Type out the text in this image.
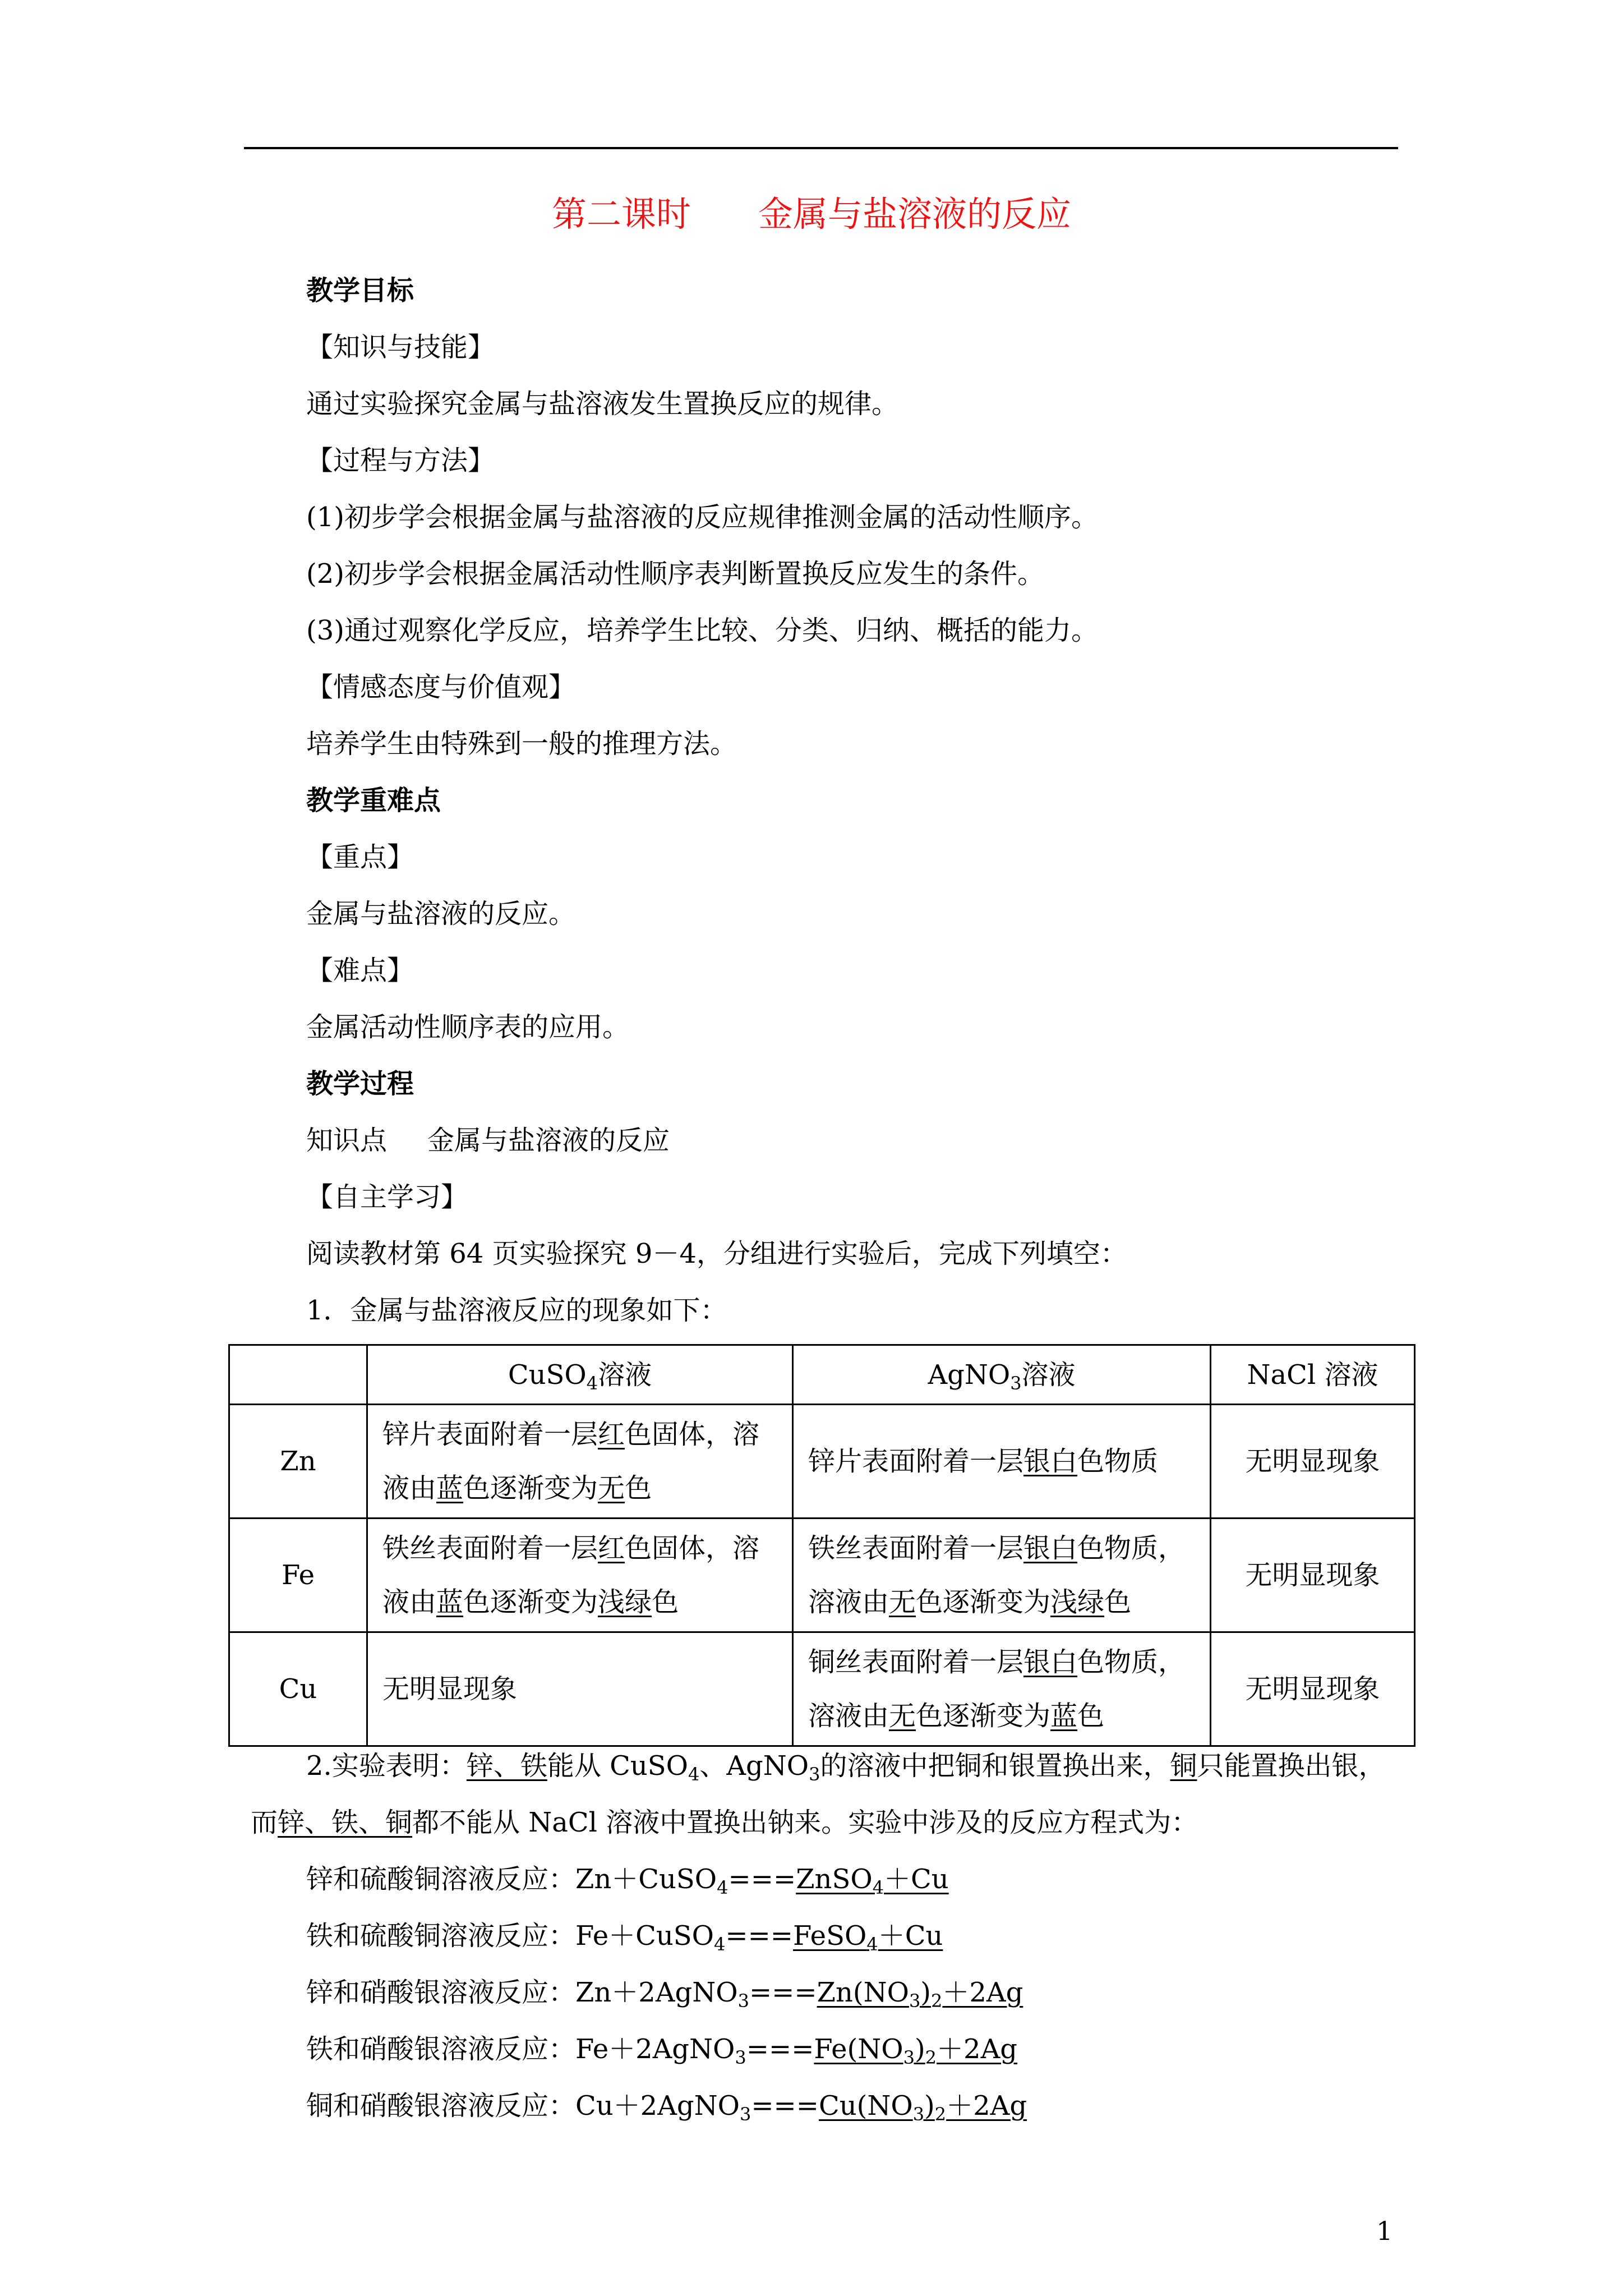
第二课时 金属与盐溶液的反应
教学目标
【知识与技能】
通过实验探究金属与盐溶液发生置换反应的规律。
【过程与方法】
(1)初步学会根据金属与盐溶液的反应规律推测金属的活动性顺序。
(2)初步学会根据金属活动性顺序表判断置换反应发生的条件。
(3)通过观察化学反应，培养学生比较、分类、归纳、概括的能力。
【情感态度与价值观】
培养学生由特殊到一般的推理方法。
教学重难点
【重点】
金属与盐溶液的反应。
【难点】
金属活动性顺序表的应用。
教学过程
知识点 金属与盐溶液的反应
【自主学习】
阅读教材第 64 页实验探究 9－4，分组进行实验后，完成下列填空：
1．金属与盐溶液反应的现象如下：
	CuSO$_4$溶液	AgNO$_3$溶液	NaCl 溶液
Zn	锌片表面附着一层红色固体，溶液由蓝色逐渐变为无色	锌片表面附着一层银白色物质	无明显现象
Fe	铁丝表面附着一层红色固体，溶液由蓝色逐渐变为浅绿色	铁丝表面附着一层银白色物质，溶液由无色逐渐变为浅绿色	无明显现象
Cu	无明显现象	铜丝表面附着一层银白色物质，溶液由无色逐渐变为蓝色	无明显现象
2.实验表明：锌、铁能从 CuSO$_4$、AgNO$_3$的溶液中把铜和银置换出来，铜只能置换出银，
而锌、铁、铜都不能从 NaCl 溶液中置换出钠来。实验中涉及的反应方程式为：
锌和硫酸铜溶液反应：Zn＋CuSO$_4$===ZnSO$_4$＋Cu
铁和硫酸铜溶液反应：Fe＋CuSO$_4$===FeSO$_4$＋Cu
锌和硝酸银溶液反应：$Zn+2AgNO_3===Zn(NO_3)_2+2Ag$
铁和硝酸银溶液反应：$Fe+2AgNO_3===Fe(NO_3)_2+2Ag$
铜和硝酸银溶液反应：$Cu+2AgNO_3===Cu(NO_3)_2+2Ag$
1
